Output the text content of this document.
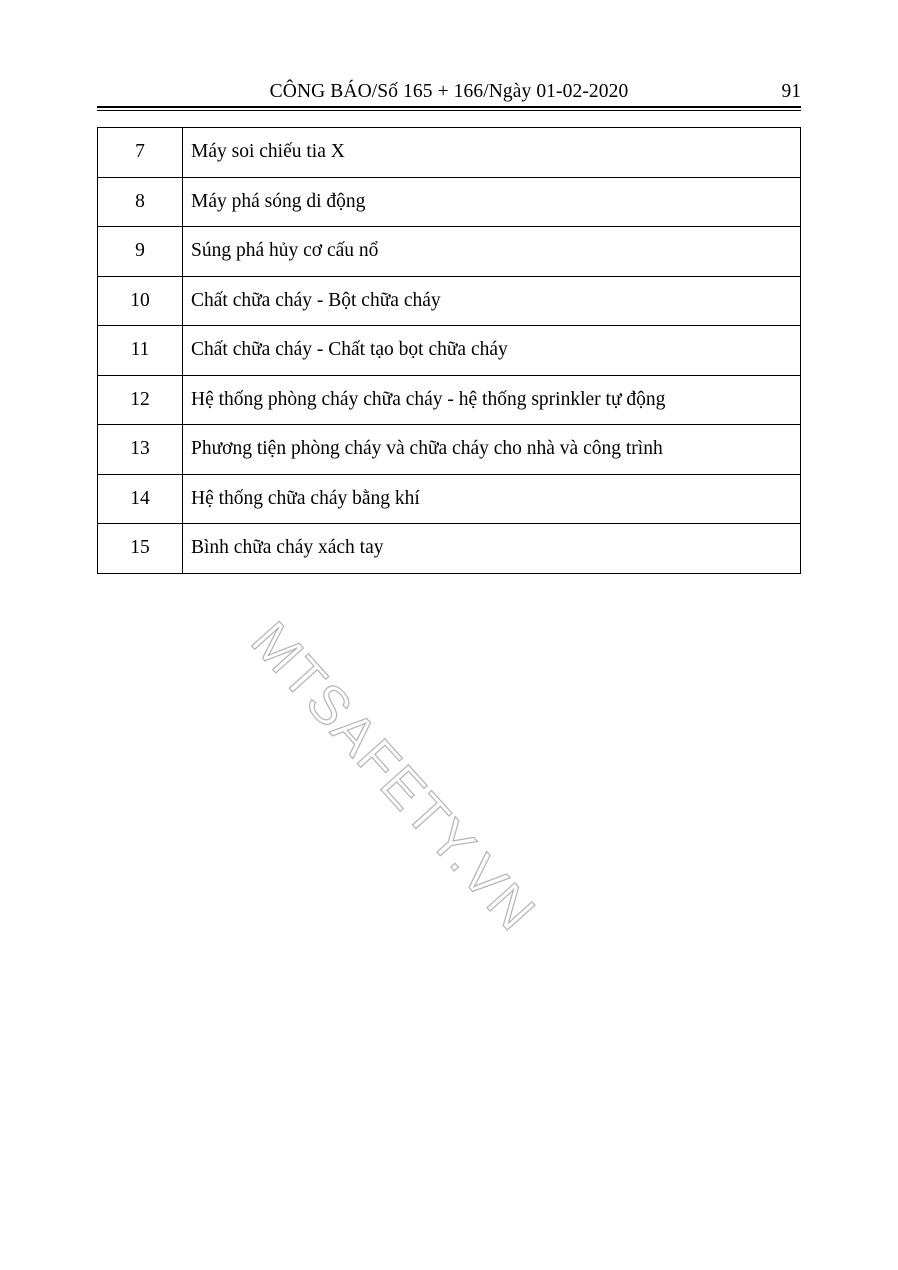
CÔNG BÁO/Số 165 + 166/Ngày 01-02-2020	91
7	Máy soi chiếu tia X
8	Máy phá sóng di động
9	Súng phá hủy cơ cấu nổ
10	Chất chữa cháy - Bột chữa cháy
11	Chất chữa cháy - Chất tạo bọt chữa cháy
12	Hệ thống phòng cháy chữa cháy - hệ thống sprinkler tự động
13	Phương tiện phòng cháy và chữa cháy cho nhà và công trình
14	Hệ thống chữa cháy bằng khí
15	Bình chữa cháy xách tay
MTSAFETY.VN
